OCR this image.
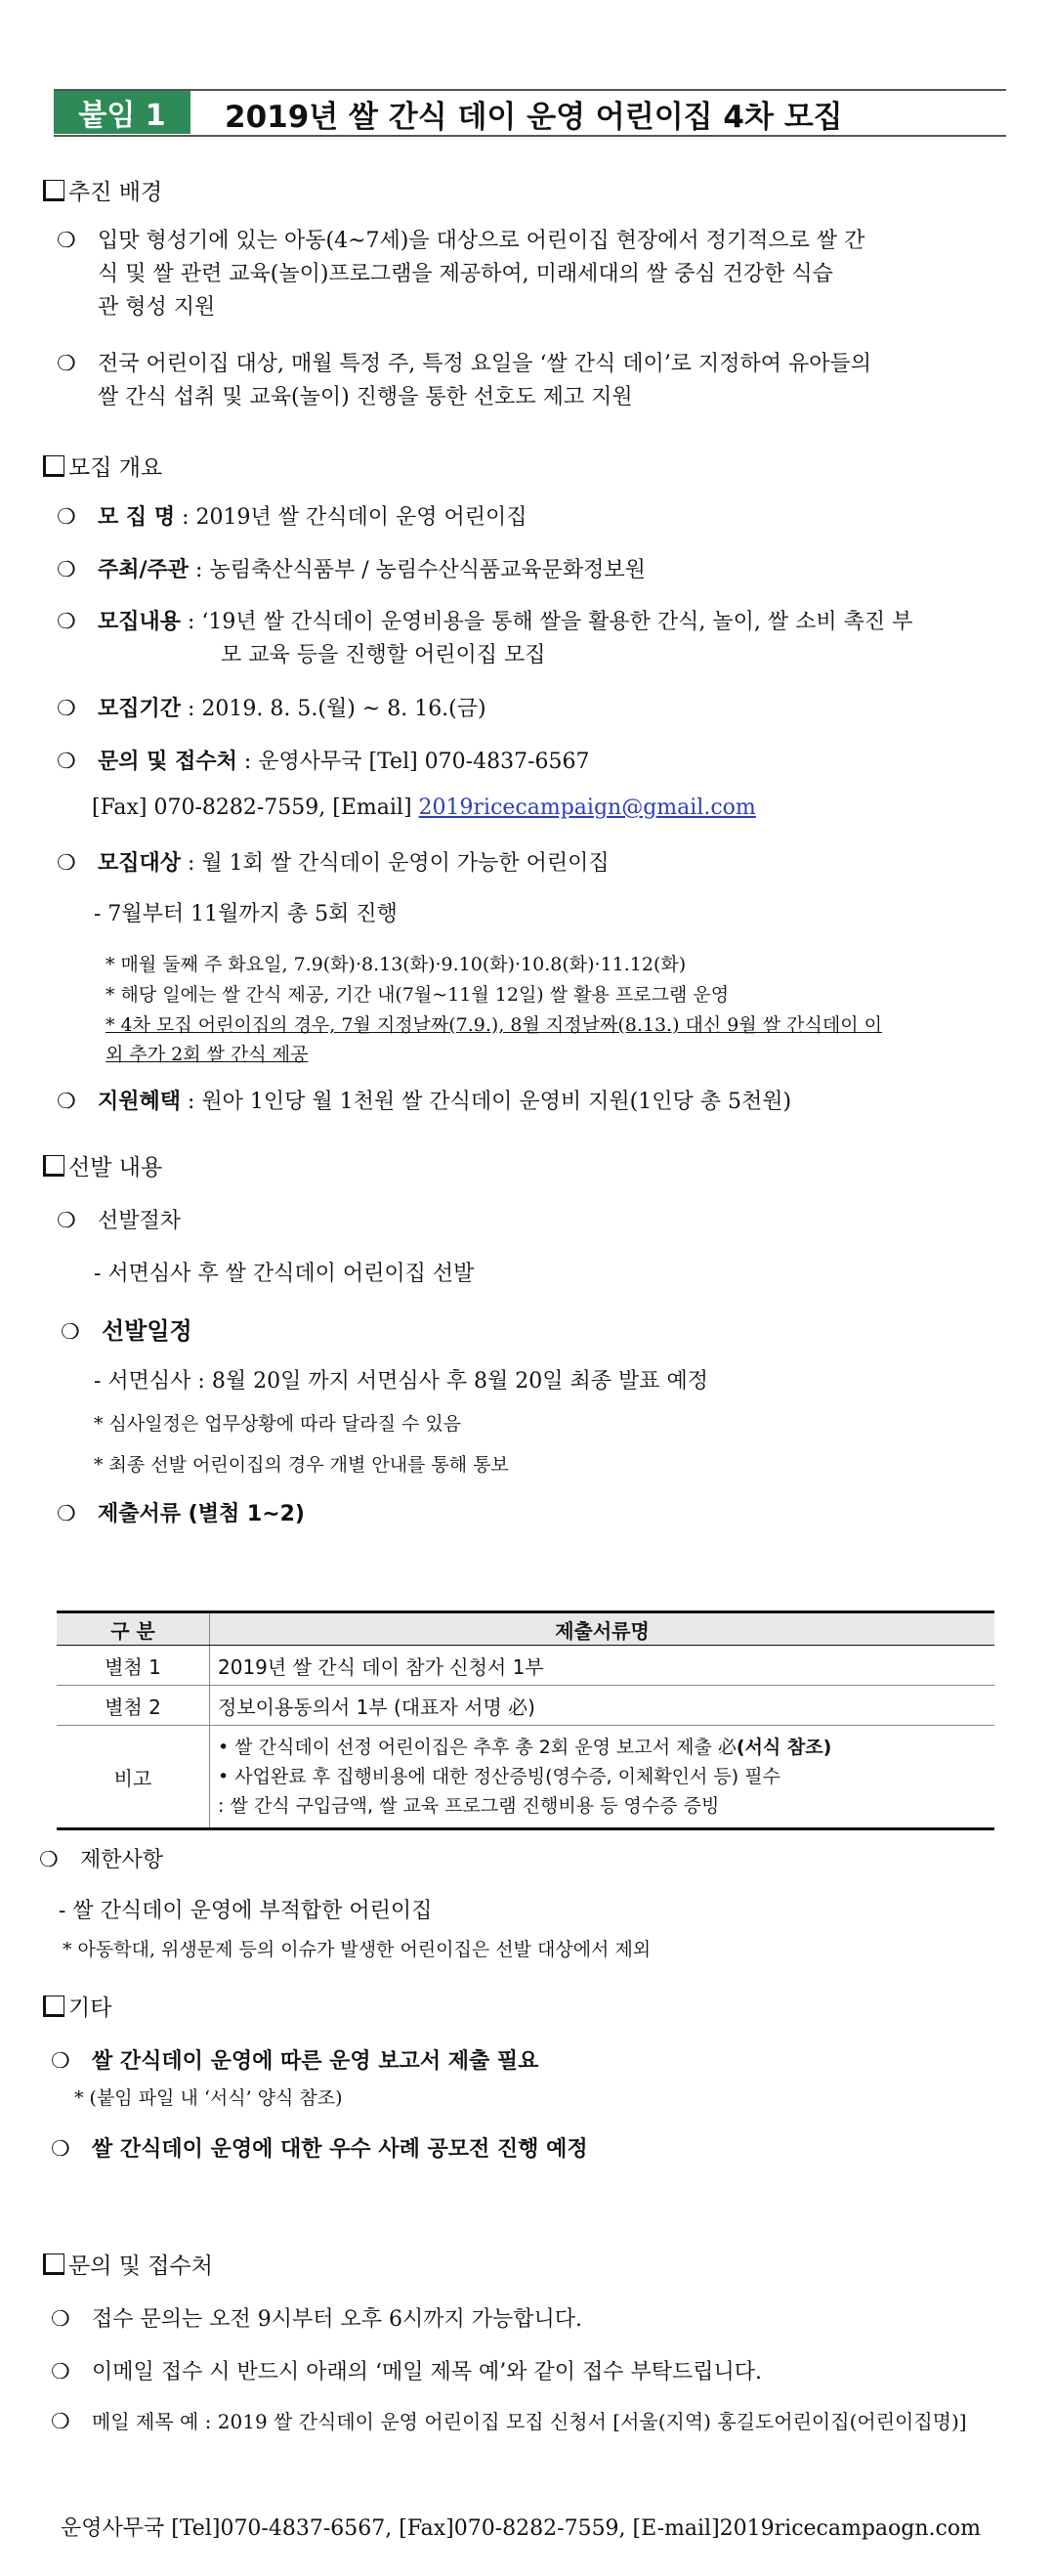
붙임 1	2019년 쌀 간식 데이 운영 어린이집 4차 모집
추진 배경
❍ 입맛 형성기에 있는 아동(4~7세)을 대상으로 어린이집 현장에서 정기적으로 쌀 간
식 및 쌀 관련 교육(놀이)프로그램을 제공하여, 미래세대의 쌀 중심 건강한 식습
관 형성 지원
❍ 전국 어린이집 대상, 매월 특정 주, 특정 요일을 ‘쌀 간식 데이’로 지정하여 유아들의
쌀 간식 섭취 및 교육(놀이) 진행을 통한 선호도 제고 지원
모집 개요
❍ 모 집 명 : 2019년 쌀 간식데이 운영 어린이집
❍ 주최/주관 : 농림축산식품부 / 농림수산식품교육문화정보원
❍ 모집내용 : ‘19년 쌀 간식데이 운영비용을 통해 쌀을 활용한 간식, 놀이, 쌀 소비 촉진 부
모 교육 등을 진행할 어린이집 모집
❍ 모집기간 : 2019. 8. 5.(월) ~ 8. 16.(금)
❍ 문의 및 접수처 : 운영사무국 [Tel] 070-4837-6567
[Fax] 070-8282-7559, [Email] 2019ricecampaign@gmail.com
❍ 모집대상 : 월 1회 쌀 간식데이 운영이 가능한 어린이집
- 7월부터 11월까지 총 5회 진행
* 매월 둘째 주 화요일, 7.9(화)·8.13(화)·9.10(화)·10.8(화)·11.12(화)
* 해당 일에는 쌀 간식 제공, 기간 내(7월~11월 12일) 쌀 활용 프로그램 운영
* 4차 모집 어린이집의 경우, 7월 지정날짜(7.9.), 8월 지정날짜(8.13.) 대신 9월 쌀 간식데이 이
외 추가 2회 쌀 간식 제공
❍ 지원혜택 : 원아 1인당 월 1천원 쌀 간식데이 운영비 지원(1인당 총 5천원)
선발 내용
❍ 선발절차
- 서면심사 후 쌀 간식데이 어린이집 선발
❍ 선발일정
- 서면심사 : 8월 20일 까지 서면심사 후 8월 20일 최종 발표 예정
* 심사일정은 업무상황에 따라 달라질 수 있음
* 최종 선발 어린이집의 경우 개별 안내를 통해 통보
❍ 제출서류 (별첨 1~2)
구 분	제출서류명
별첨 1	2019년 쌀 간식 데이 참가 신청서 1부
별첨 2	정보이용동의서 1부 (대표자 서명 必)
비고	• 쌀 간식데이 선정 어린이집은 추후 총 2회 운영 보고서 제출 必(서식 참조)
• 사업완료 후 집행비용에 대한 정산증빙(영수증, 이체확인서 등) 필수
: 쌀 간식 구입금액, 쌀 교육 프로그램 진행비용 등 영수증 증빙
❍ 제한사항
- 쌀 간식데이 운영에 부적합한 어린이집
* 아동학대, 위생문제 등의 이슈가 발생한 어린이집은 선발 대상에서 제외
기타
❍ 쌀 간식데이 운영에 따른 운영 보고서 제출 필요
* (붙임 파일 내 ‘서식’ 양식 참조)
❍ 쌀 간식데이 운영에 대한 우수 사례 공모전 진행 예정
문의 및 접수처
❍ 접수 문의는 오전 9시부터 오후 6시까지 가능합니다.
❍ 이메일 접수 시 반드시 아래의 ‘메일 제목 예’와 같이 접수 부탁드립니다.
❍ 메일 제목 예 : 2019 쌀 간식데이 운영 어린이집 모집 신청서 [서울(지역) 홍길도어린이집(어린이집명)]
운영사무국 [Tel]070-4837-6567, [Fax]070-8282-7559, [E-mail]2019ricecampaogn.com
